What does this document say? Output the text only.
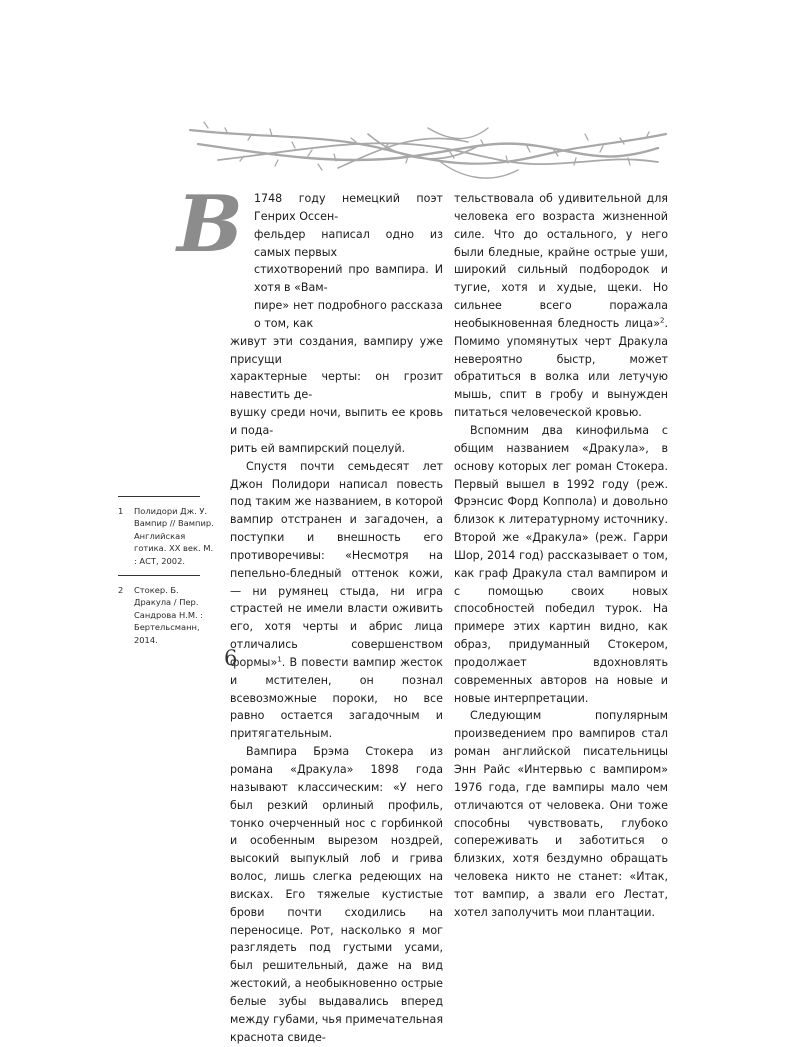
В 1748 году немецкий поэт Генрих Оссен-

фельдер написал одно из самых первых

стихотворений про вампира. И хотя в «Вам-

пире» нет подробного рассказа о том, как

живут эти создания, вампиру уже присущи

характерные черты: он грозит навестить де-

вушку среди ночи, выпить ее кровь и пода-

рить ей вампирский поцелуй.

Спустя почти семьдесят лет Джон Полидори написал повесть под таким же названием, в которой вампир отстранен и загадочен, а поступки и внешность его противоречивы: «Несмотря на пепельно-бледный оттенок кожи, — ни румянец стыда, ни игра страстей не имели власти оживить его, хотя черты и абрис лица отличались совершенством формы»$^1$. В повести вампир жесток и мстителен, он познал всевозможные пороки, но все равно остается загадочным и притягательным.

Вампира Брэма Стокера из романа «Дракула» 1898 года называют классическим: «У него был резкий орлиный профиль, тонко очерченный нос с горбинкой и особенным вырезом ноздрей, высокий выпуклый лоб и грива волос, лишь слегка редеющих на висках. Его тяжелые кустистые брови почти сходились на переносице. Рот, насколько я мог разглядеть под густыми усами, был решительный, даже на вид жестокий, а необыкновенно острые белые зубы выдавались вперед между губами, чья примечательная краснота свиде-

тельствовала об удивительной для человека его возраста жизненной силе. Что до остального, у него были бледные, крайне острые уши, широкий сильный подбородок и тугие, хотя и худые, щеки. Но сильнее всего поражала необыкновенная бледность лица»$^2$. Помимо упомянутых черт Дракула невероятно быстр, может обратиться в волка или летучую мышь, спит в гробу и вынужден питаться человеческой кровью.

Вспомним два кинофильма с общим названием «Дракула», в основу которых лег роман Стокера. Первый вышел в 1992 году (реж. Фрэнсис Форд Коппола) и довольно близок к литературному источнику. Второй же «Дракула» (реж. Гарри Шор, 2014 год) рассказывает о том, как граф Дракула стал вампиром и с помощью своих новых способностей победил турок. На примере этих картин видно, как образ, придуманный Стокером, продолжает вдохновлять современных авторов на новые и новые интерпретации.

Следующим популярным произведением про вампиров стал роман английской писательницы Энн Райс «Интервью с вампиром» 1976 года, где вампиры мало чем отличаются от человека. Они тоже способны чувствовать, глубоко сопереживать и заботиться о близких, хотя бездумно обращать человека никто не станет: «Итак, тот вампир, а звали его Лестат, хотел заполучить мои плантации.

1	Полидори Дж. У. Вампир // Вампир. Английская готика. XX век. М. : АСТ, 2002.
2	Стокер. Б. Дракула / Пер. Сандрова Н.М. : Бертельсманн, 2014.
6
